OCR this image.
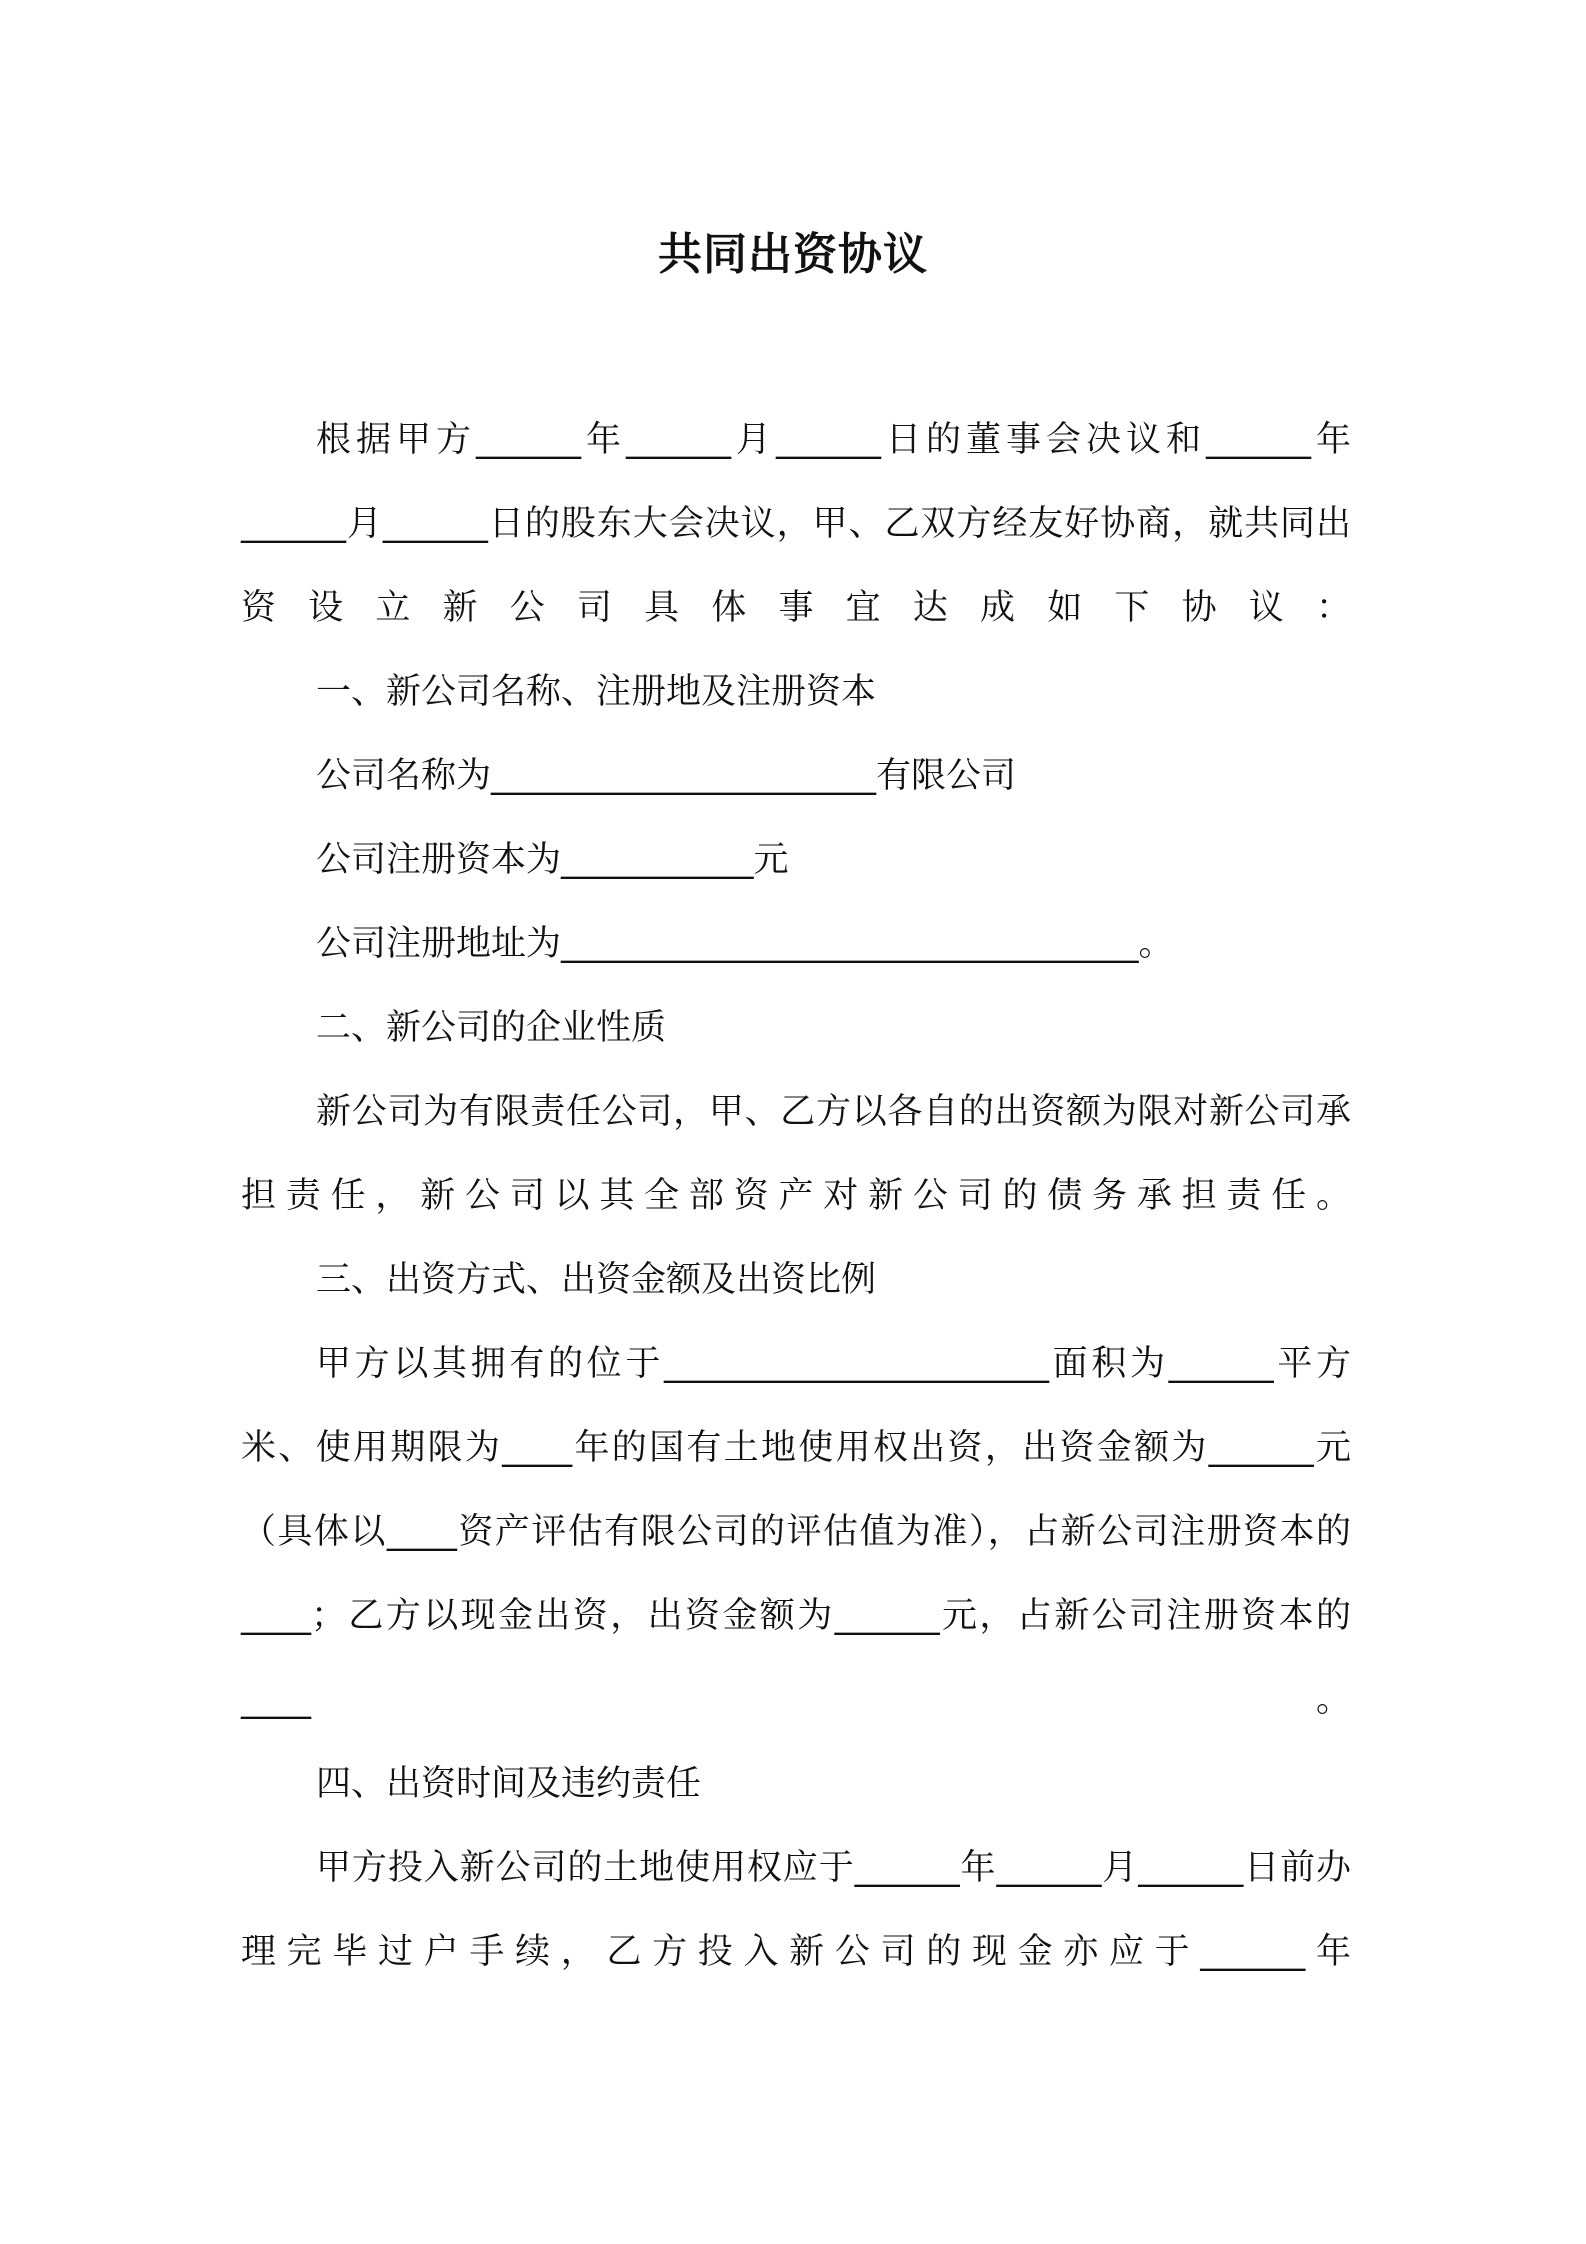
共同出资协议

根据甲方______年______月______日的董事会决议和______年______月______日的股东大会决议，甲、乙双方经友好协商，就共同出资设立新公司具体事宜达成如下协议：

一、新公司名称、注册地及注册资本

公司名称为______________________有限公司

公司注册资本为___________元

公司注册地址为_________________________________。

二、新公司的企业性质

新公司为有限责任公司，甲、乙方以各自的出资额为限对新公司承担责任，新公司以其全部资产对新公司的债务承担责任。

三、出资方式、出资金额及出资比例

甲方以其拥有的位于______________________面积为______平方米、使用期限为____年的国有土地使用权出资，出资金额为______元（具体以____资产评估有限公司的评估值为准），占新公司注册资本的____；乙方以现金出资，出资金额为______元，占新公司注册资本的____。

四、出资时间及违约责任

甲方投入新公司的土地使用权应于______年______月______日前办理完毕过户手续，乙方投入新公司的现金亦应于______年
